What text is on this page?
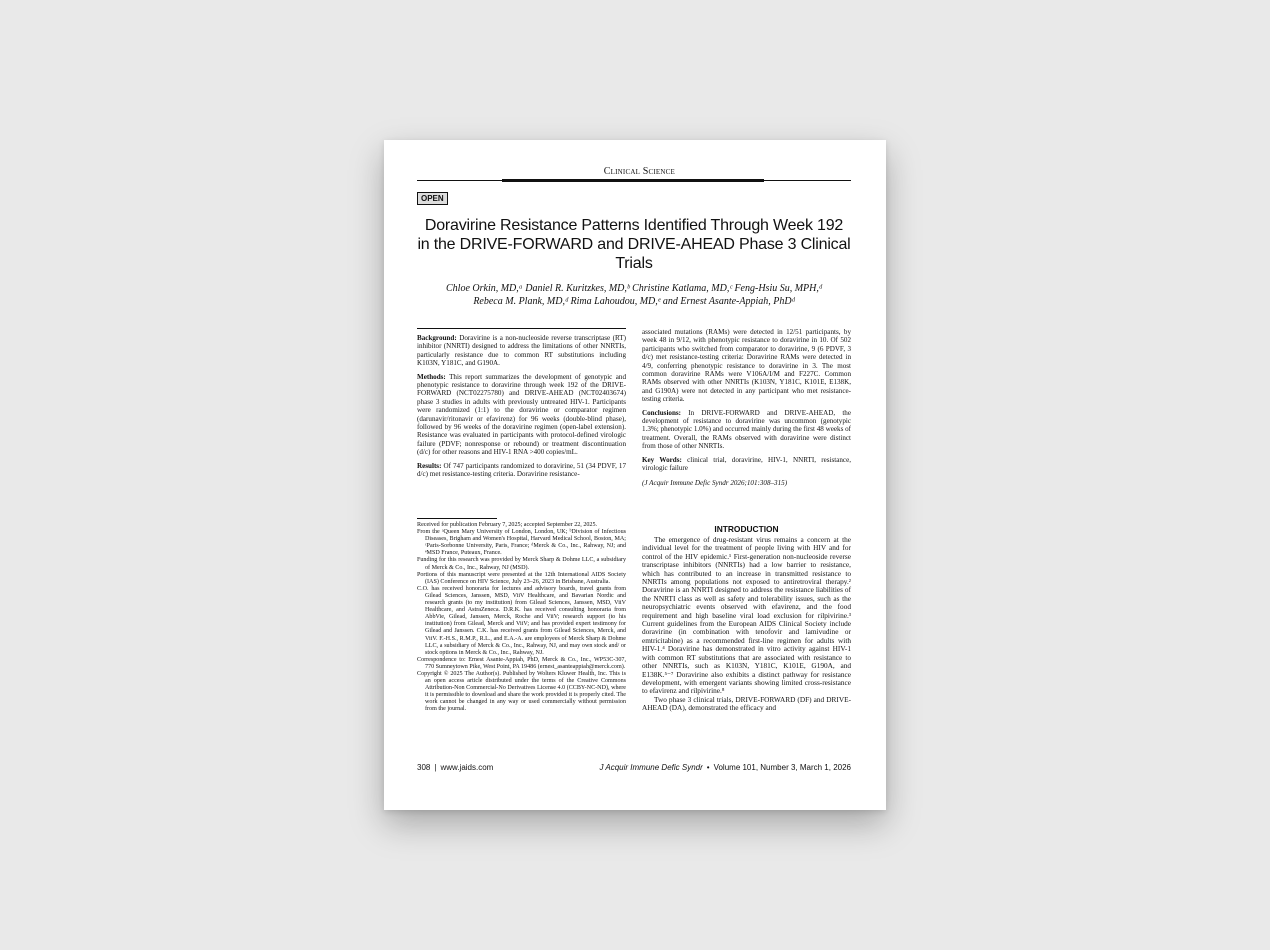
Clinical Science
OPEN
Doravirine Resistance Patterns Identified Through Week 192 in the DRIVE-FORWARD and DRIVE-AHEAD Phase 3 Clinical Trials
Chloe Orkin, MD,ᵃ Daniel R. Kuritzkes, MD,ᵇ Christine Katlama, MD,ᶜ Feng-Hsiu Su, MPH,ᵈ
Rebeca M. Plank, MD,ᵈ Rima Lahoudou, MD,ᵉ and Ernest Asante-Appiah, PhDᵈ

Background: Doravirine is a non-nucleoside reverse transcriptase (RT) inhibitor (NNRTI) designed to address the limitations of other NNRTIs, particularly resistance due to common RT substitutions including K103N, Y181C, and G190A.

Methods: This report summarizes the development of genotypic and phenotypic resistance to doravirine through week 192 of the DRIVE-FORWARD (NCT02275780) and DRIVE-AHEAD (NCT02403674) phase 3 studies in adults with previously untreated HIV-1. Participants were randomized (1:1) to the doravirine or comparator regimen (darunavir/ritonavir or efavirenz) for 96 weeks (double-blind phase), followed by 96 weeks of the doravirine regimen (open-label extension). Resistance was evaluated in participants with protocol-defined virologic failure (PDVF; nonresponse or rebound) or treatment discontinuation (d/c) for other reasons and HIV-1 RNA >400 copies/mL.

Results: Of 747 participants randomized to doravirine, 51 (34 PDVF, 17 d/c) met resistance-testing criteria. Doravirine resistance-

associated mutations (RAMs) were detected in 12/51 participants, by week 48 in 9/12, with phenotypic resistance to doravirine in 10. Of 502 participants who switched from comparator to doravirine, 9 (6 PDVF, 3 d/c) met resistance-testing criteria: Doravirine RAMs were detected in 4/9, conferring phenotypic resistance to doravirine in 3. The most common doravirine RAMs were V106A/I/M and F227C. Common RAMs observed with other NNRTIs (K103N, Y181C, K101E, E138K, and G190A) were not detected in any participant who met resistance-testing criteria.

Conclusions: In DRIVE-FORWARD and DRIVE-AHEAD, the development of resistance to doravirine was uncommon (genotypic 1.3%; phenotypic 1.0%) and occurred mainly during the first 48 weeks of treatment. Overall, the RAMs observed with doravirine were distinct from those of other NNRTIs.

Key Words: clinical trial, doravirine, HIV-1, NNRTI, resistance, virologic failure

(J Acquir Immune Defic Syndr 2026;101:308–315)

Received for publication February 7, 2025; accepted September 22, 2025.

From the ᵃQueen Mary University of London, London, UK; ᵇDivision of Infectious Diseases, Brigham and Women's Hospital, Harvard Medical School, Boston, MA; ᶜParis-Sorbonne University, Paris, France; ᵈMerck & Co., Inc., Rahway, NJ; and ᵉMSD France, Puteaux, France.

Funding for this research was provided by Merck Sharp & Dohme LLC, a subsidiary of Merck & Co., Inc., Rahway, NJ (MSD).

Portions of this manuscript were presented at the 12th International AIDS Society (IAS) Conference on HIV Science, July 23–26, 2023 in Brisbane, Australia.

C.O. has received honoraria for lectures and advisory boards, travel grants from Gilead Sciences, Janssen, MSD, ViiV Healthcare, and Bavarian Nordic and research grants (to my institution) from Gilead Sciences, Janssen, MSD, ViiV Healthcare, and AstraZeneca. D.R.K. has received consulting honoraria from AbbVie, Gilead, Janssen, Merck, Roche and ViiV; research support (to his institution) from Gilead, Merck and ViiV; and has provided expert testimony for Gilead and Janssen. C.K. has received grants from Gilead Sciences, Merck, and ViiV. F.-H.S., R.M.P., R.L., and E.A.-A. are employees of Merck Sharp & Dohme LLC, a subsidiary of Merck & Co., Inc., Rahway, NJ, and may own stock and/ or stock options in Merck & Co., Inc., Rahway, NJ.

Correspondence to: Ernest Asante-Appiah, PhD, Merck & Co., Inc., WP53C-307, 770 Sumneytown Pike, West Point, PA 19486 (ernest_asanteappiah@merck.com).

Copyright © 2025 The Author(s). Published by Wolters Kluwer Health, Inc. This is an open access article distributed under the terms of the Creative Commons Attribution-Non Commercial-No Derivatives License 4.0 (CCBY-NC-ND), where it is permissible to download and share the work provided it is properly cited. The work cannot be changed in any way or used commercially without permission from the journal.

INTRODUCTION

The emergence of drug-resistant virus remains a concern at the individual level for the treatment of people living with HIV and for control of the HIV epidemic.¹ First-generation non-nucleoside reverse transcriptase inhibitors (NNRTIs) had a low barrier to resistance, which has contributed to an increase in transmitted resistance to NNRTIs among populations not exposed to antiretroviral therapy.² Doravirine is an NNRTI designed to address the resistance liabilities of the NNRTI class as well as safety and tolerability issues, such as the neuropsychiatric events observed with efavirenz, and the food requirement and high baseline viral load exclusion for rilpivirine.³ Current guidelines from the European AIDS Clinical Society include doravirine (in combination with tenofovir and lamivudine or emtricitabine) as a recommended first-line regimen for adults with HIV-1.⁴ Doravirine has demonstrated in vitro activity against HIV-1 with common RT substitutions that are associated with resistance to other NNRTIs, such as K103N, Y181C, K101E, G190A, and E138K.⁵⁻⁷ Doravirine also exhibits a distinct pathway for resistance development, with emergent variants showing limited cross-resistance to efavirenz and rilpivirine.⁸

Two phase 3 clinical trials, DRIVE-FORWARD (DF) and DRIVE-AHEAD (DA), demonstrated the efficacy and

308 | www.jaids.com	J Acquir Immune Defic Syndr • Volume 101, Number 3, March 1, 2026
